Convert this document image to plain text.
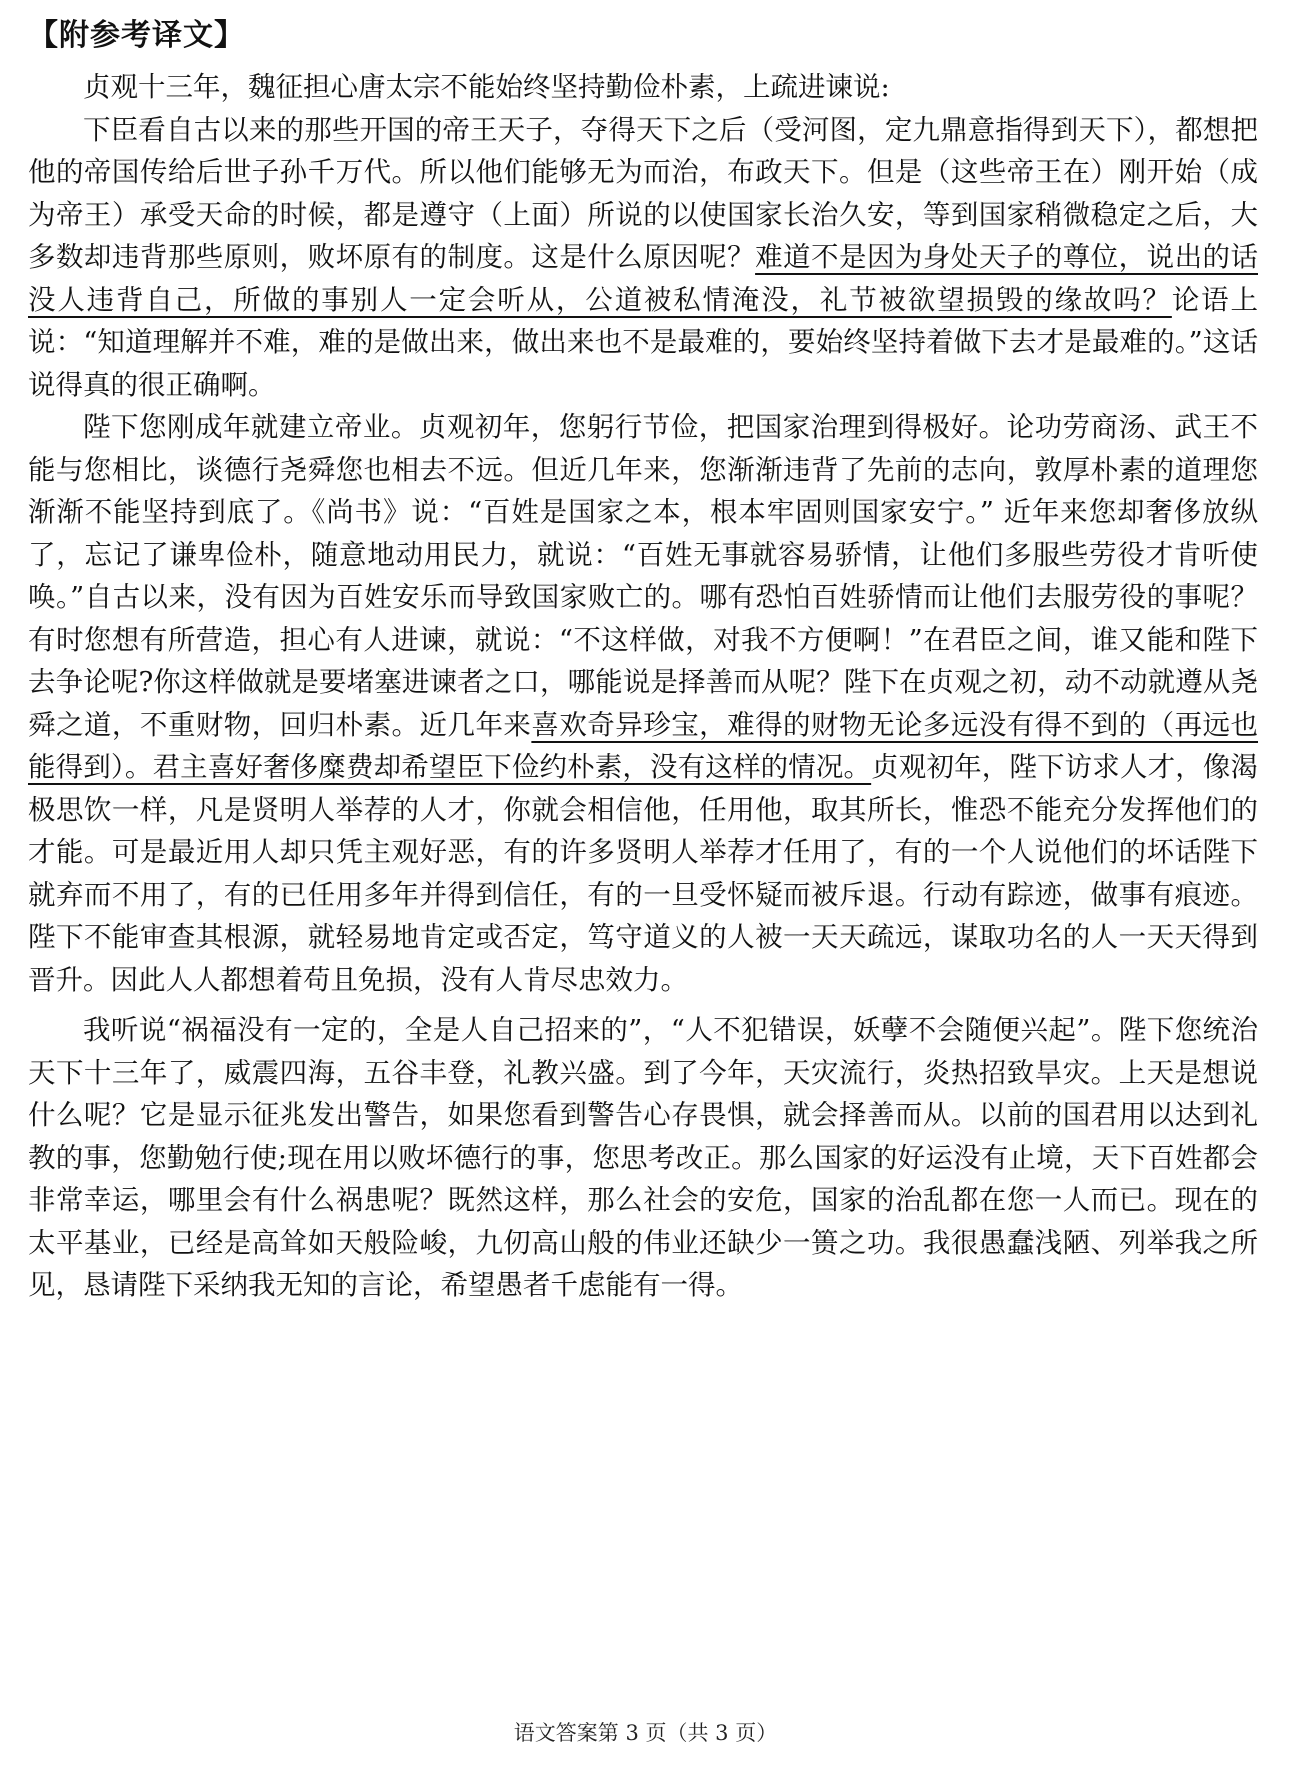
【附参考译文】

贞观十三年，魏征担心唐太宗不能始终坚持勤俭朴素，上疏进谏说:

下臣看自古以来的那些开国的帝王天子，夺得天下之后（受河图，定九鼎意指得到天下），都想把他的帝国传给后世子孙千万代。所以他们能够无为而治，布政天下。但是（这些帝王在）刚开始（成为帝王）承受天命的时候，都是遵守（上面）所说的以使国家长治久安，等到国家稍微稳定之后，大多数却违背那些原则，败坏原有的制度。这是什么原因呢？难道不是因为身处天子的尊位，说出的话没人违背自己，所做的事别人一定会听从，公道被私情淹没，礼节被欲望损毁的缘故吗？论语上说：“知道理解并不难，难的是做出来，做出来也不是最难的，要始终坚持着做下去才是最难的。”这话说得真的很正确啊。

陛下您刚成年就建立帝业。贞观初年，您躬行节俭，把国家治理到得极好。论功劳商汤、武王不能与您相比，谈德行尧舜您也相去不远。但近几年来，您渐渐违背了先前的志向，敦厚朴素的道理您渐渐不能坚持到底了。《尚书》说：“百姓是国家之本，根本牢固则国家安宁。” 近年来您却奢侈放纵了，忘记了谦卑俭朴，随意地动用民力，就说：“百姓无事就容易骄情，让他们多服些劳役才肯听使唤。”自古以来，没有因为百姓安乐而导致国家败亡的。哪有恐怕百姓骄情而让他们去服劳役的事呢？有时您想有所营造，担心有人进谏，就说：“不这样做，对我不方便啊！”在君臣之间，谁又能和陛下去争论呢?你这样做就是要堵塞进谏者之口，哪能说是择善而从呢？陛下在贞观之初，动不动就遵从尧舜之道，不重财物，回归朴素。近几年来喜欢奇异珍宝，难得的财物无论多远没有得不到的（再远也能得到）。君主喜好奢侈糜费却希望臣下俭约朴素，没有这样的情况。贞观初年，陛下访求人才，像渴极思饮一样，凡是贤明人举荐的人才，你就会相信他，任用他，取其所长，惟恐不能充分发挥他们的才能。可是最近用人却只凭主观好恶，有的许多贤明人举荐才任用了，有的一个人说他们的坏话陛下就弃而不用了，有的已任用多年并得到信任，有的一旦受怀疑而被斥退。行动有踪迹，做事有痕迹。陛下不能审查其根源，就轻易地肯定或否定，笃守道义的人被一天天疏远，谋取功名的人一天天得到晋升。因此人人都想着苟且免损，没有人肯尽忠效力。

我听说“祸福没有一定的，全是人自己招来的”，“人不犯错误，妖孽不会随便兴起”。陛下您统治天下十三年了，威震四海，五谷丰登，礼教兴盛。到了今年，天灾流行，炎热招致旱灾。上天是想说什么呢？它是显示征兆发出警告，如果您看到警告心存畏惧，就会择善而从。以前的国君用以达到礼教的事，您勤勉行使;现在用以败坏德行的事，您思考改正。那么国家的好运没有止境，天下百姓都会非常幸运，哪里会有什么祸患呢？既然这样，那么社会的安危，国家的治乱都在您一人而已。现在的太平基业，已经是高耸如天般险峻，九仞高山般的伟业还缺少一篑之功。我很愚蠢浅陋、列举我之所见，恳请陛下采纳我无知的言论，希望愚者千虑能有一得。

语文答案第 3 页（共 3 页）
